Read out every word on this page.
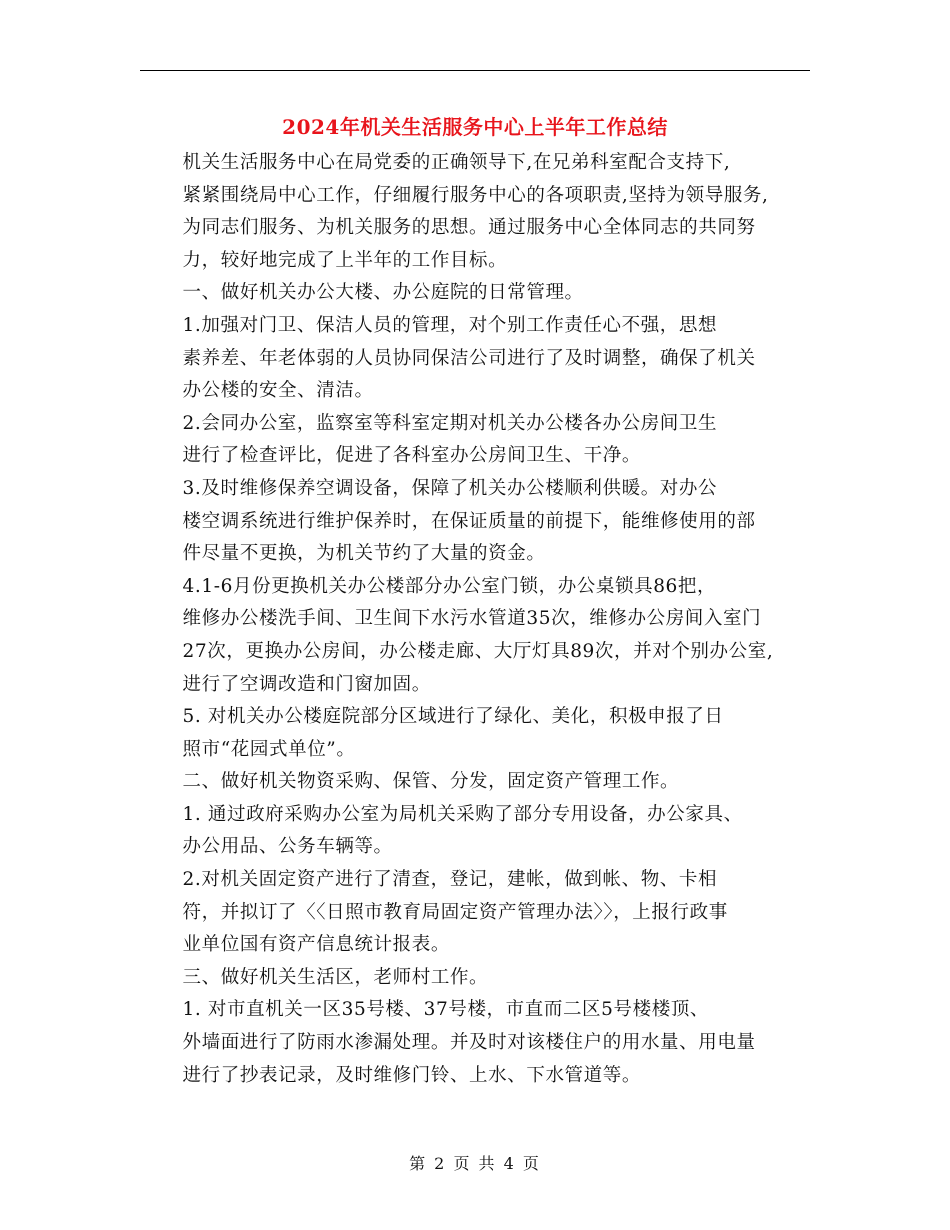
2024年机关生活服务中心上半年工作总结

机关生活服务中心在局党委的正确领导下,在兄弟科室配合支持下,
紧紧围绕局中心工作，仔细履行服务中心的各项职责,坚持为领导服务,
为同志们服务、为机关服务的思想。通过服务中心全体同志的共同努
力，较好地完成了上半年的工作目标。

一、做好机关办公大楼、办公庭院的日常管理。

1.加强对门卫、保洁人员的管理，对个别工作责任心不强，思想
素养差、年老体弱的人员协同保洁公司进行了及时调整，确保了机关
办公楼的安全、清洁。

2.会同办公室，监察室等科室定期对机关办公楼各办公房间卫生
进行了检查评比，促进了各科室办公房间卫生、干净。

3.及时维修保养空调设备，保障了机关办公楼顺利供暖。对办公
楼空调系统进行维护保养时，在保证质量的前提下，能维修使用的部
件尽量不更换，为机关节约了大量的资金。

4.1-6月份更换机关办公楼部分办公室门锁，办公桌锁具86把，
维修办公楼洗手间、卫生间下水污水管道35次，维修办公房间入室门
27次，更换办公房间，办公楼走廊、大厅灯具89次，并对个别办公室,
进行了空调改造和门窗加固。

5. 对机关办公楼庭院部分区域进行了绿化、美化，积极申报了日
照市“花园式单位”。

二、做好机关物资采购、保管、分发，固定资产管理工作。

1. 通过政府采购办公室为局机关采购了部分专用设备，办公家具、
办公用品、公务车辆等。

2.对机关固定资产进行了清查，登记，建帐，做到帐、物、卡相
符，并拟订了〈〈日照市教育局固定资产管理办法〉〉，上报行政事
业单位国有资产信息统计报表。

三、做好机关生活区，老师村工作。

1. 对市直机关一区35号楼、37号楼，市直而二区5号楼楼顶、
外墙面进行了防雨水渗漏处理。并及时对该楼住户的用水量、用电量
进行了抄表记录，及时维修门铃、上水、下水管道等。

第 2 页 共 4 页
